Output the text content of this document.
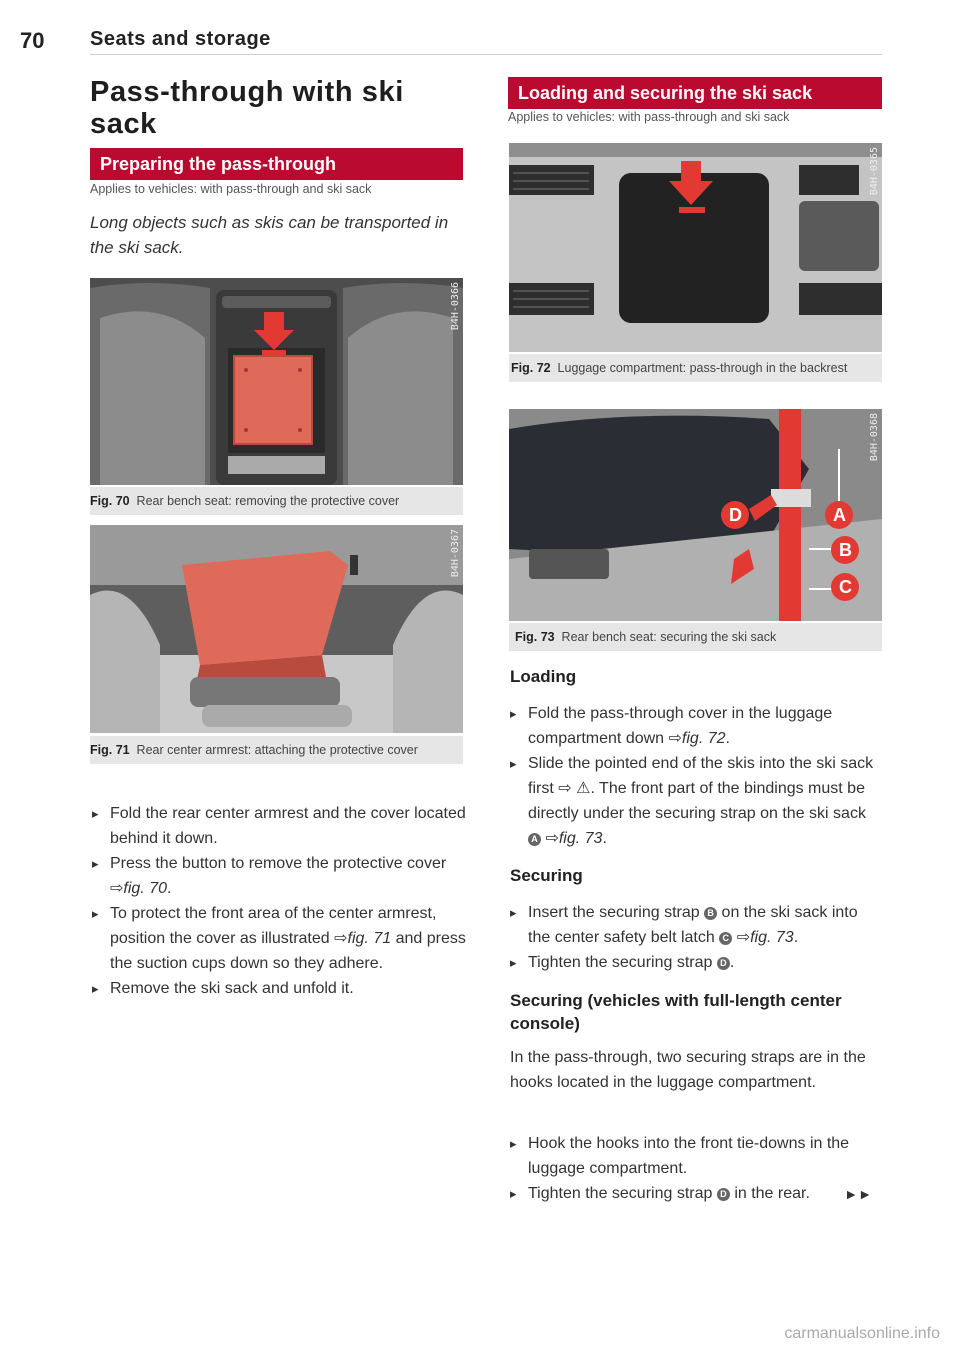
70 Seats and storage
Pass-through with ski sack
Preparing the pass-through
Applies to vehicles: with pass-through and ski sack
Long objects such as skis can be transported in the ski sack.
B4H-0366
Fig. 70 Rear bench seat: removing the protective cover
B4H-0367
Fig. 71 Rear center armrest: attaching the protective cover
▸ Fold the rear center armrest and the cover located behind it down.
▸ Press the button to remove the protective cover ⇨fig. 70.
▸ To protect the front area of the center armrest, position the cover as illustrated ⇨fig. 71 and press the suction cups down so they adhere.
▸ Remove the ski sack and unfold it.
Loading and securing the ski sack
Applies to vehicles: with pass-through and ski sack
B4H-0365
Fig. 72 Luggage compartment: pass-through in the backrest
A
B
C
D
B4H-0368
Fig. 73 Rear bench seat: securing the ski sack
Loading
▸ Fold the pass-through cover in the luggage compartment down ⇨fig. 72.
▸ Slide the pointed end of the skis into the ski sack first ⇨ ⚠. The front part of the bindings must be directly under the securing strap on the ski sack A ⇨fig. 73.
Securing
▸ Insert the securing strap B on the ski sack into the center safety belt latch C ⇨fig. 73.
▸ Tighten the securing strap D .
Securing (vehicles with full-length center console)
In the pass-through, two securing straps are in the hooks located in the luggage compartment.
▸ Hook the hooks into the front tie-downs in the luggage compartment.
▸ Tighten the securing strap D in the rear.	►►
carmanualsonline.info
